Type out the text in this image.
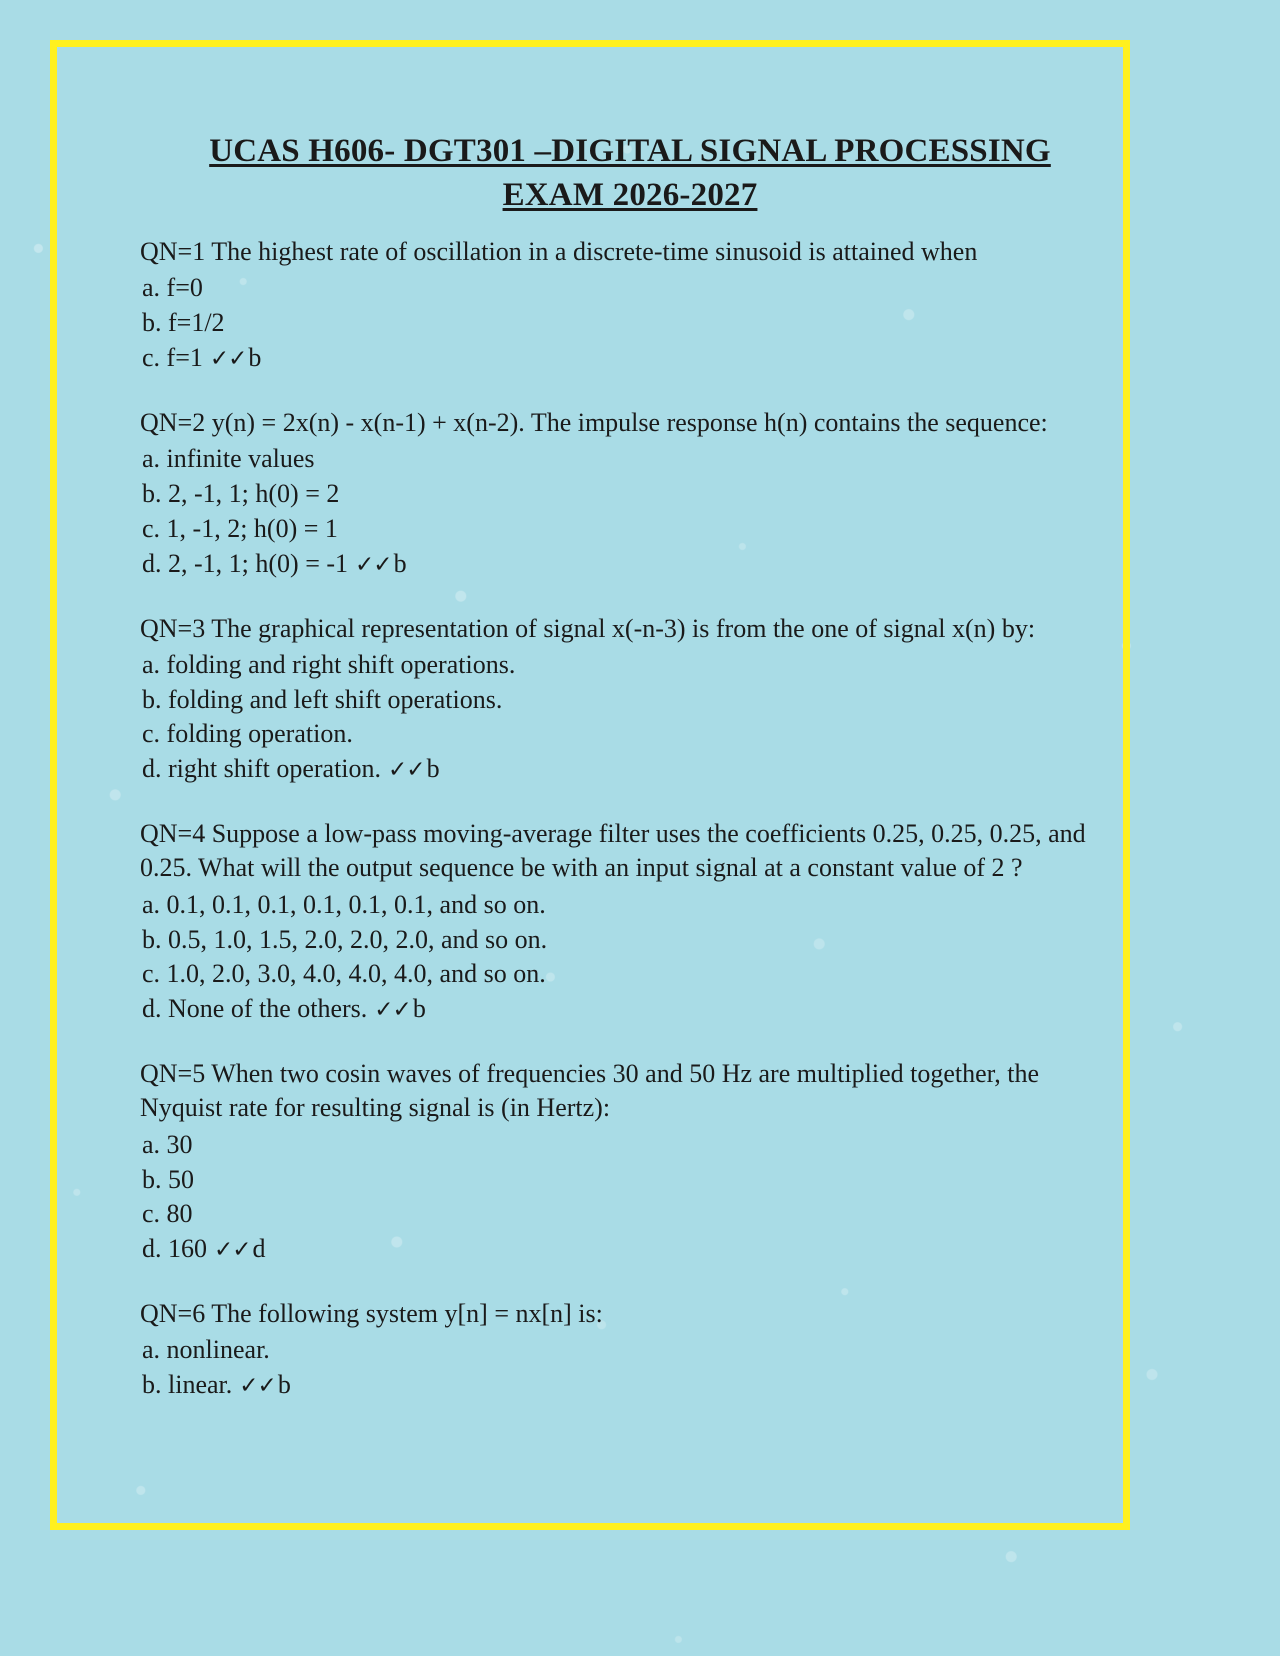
UCAS H606- DGT301 –DIGITAL SIGNAL PROCESSING
EXAM 2026-2027

QN=1 The highest rate of oscillation in a discrete-time sinusoid is attained when

a. f=0

b. f=1/2

c. f=1 ✓✓b

QN=2 y(n) = 2x(n) - x(n-1) + x(n-2). The impulse response h(n) contains the sequence:

a. infinite values

b. 2, -1, 1; h(0) = 2

c. 1, -1, 2; h(0) = 1

d. 2, -1, 1; h(0) = -1 ✓✓b

QN=3 The graphical representation of signal x(-n-3) is from the one of signal x(n) by:

a. folding and right shift operations.

b. folding and left shift operations.

c. folding operation.

d. right shift operation. ✓✓b

QN=4 Suppose a low-pass moving-average filter uses the coefficients 0.25, 0.25, 0.25, and 0.25. What will the output sequence be with an input signal at a constant value of 2 ?

a. 0.1, 0.1, 0.1, 0.1, 0.1, 0.1, and so on.

b. 0.5, 1.0, 1.5, 2.0, 2.0, 2.0, and so on.

c. 1.0, 2.0, 3.0, 4.0, 4.0, 4.0, and so on.

d. None of the others. ✓✓b

QN=5 When two cosin waves of frequencies 30 and 50 Hz are multiplied together, the Nyquist rate for resulting signal is (in Hertz):

a. 30

b. 50

c. 80

d. 160 ✓✓d

QN=6 The following system y[n] = nx[n] is:

a. nonlinear.

b. linear. ✓✓b
